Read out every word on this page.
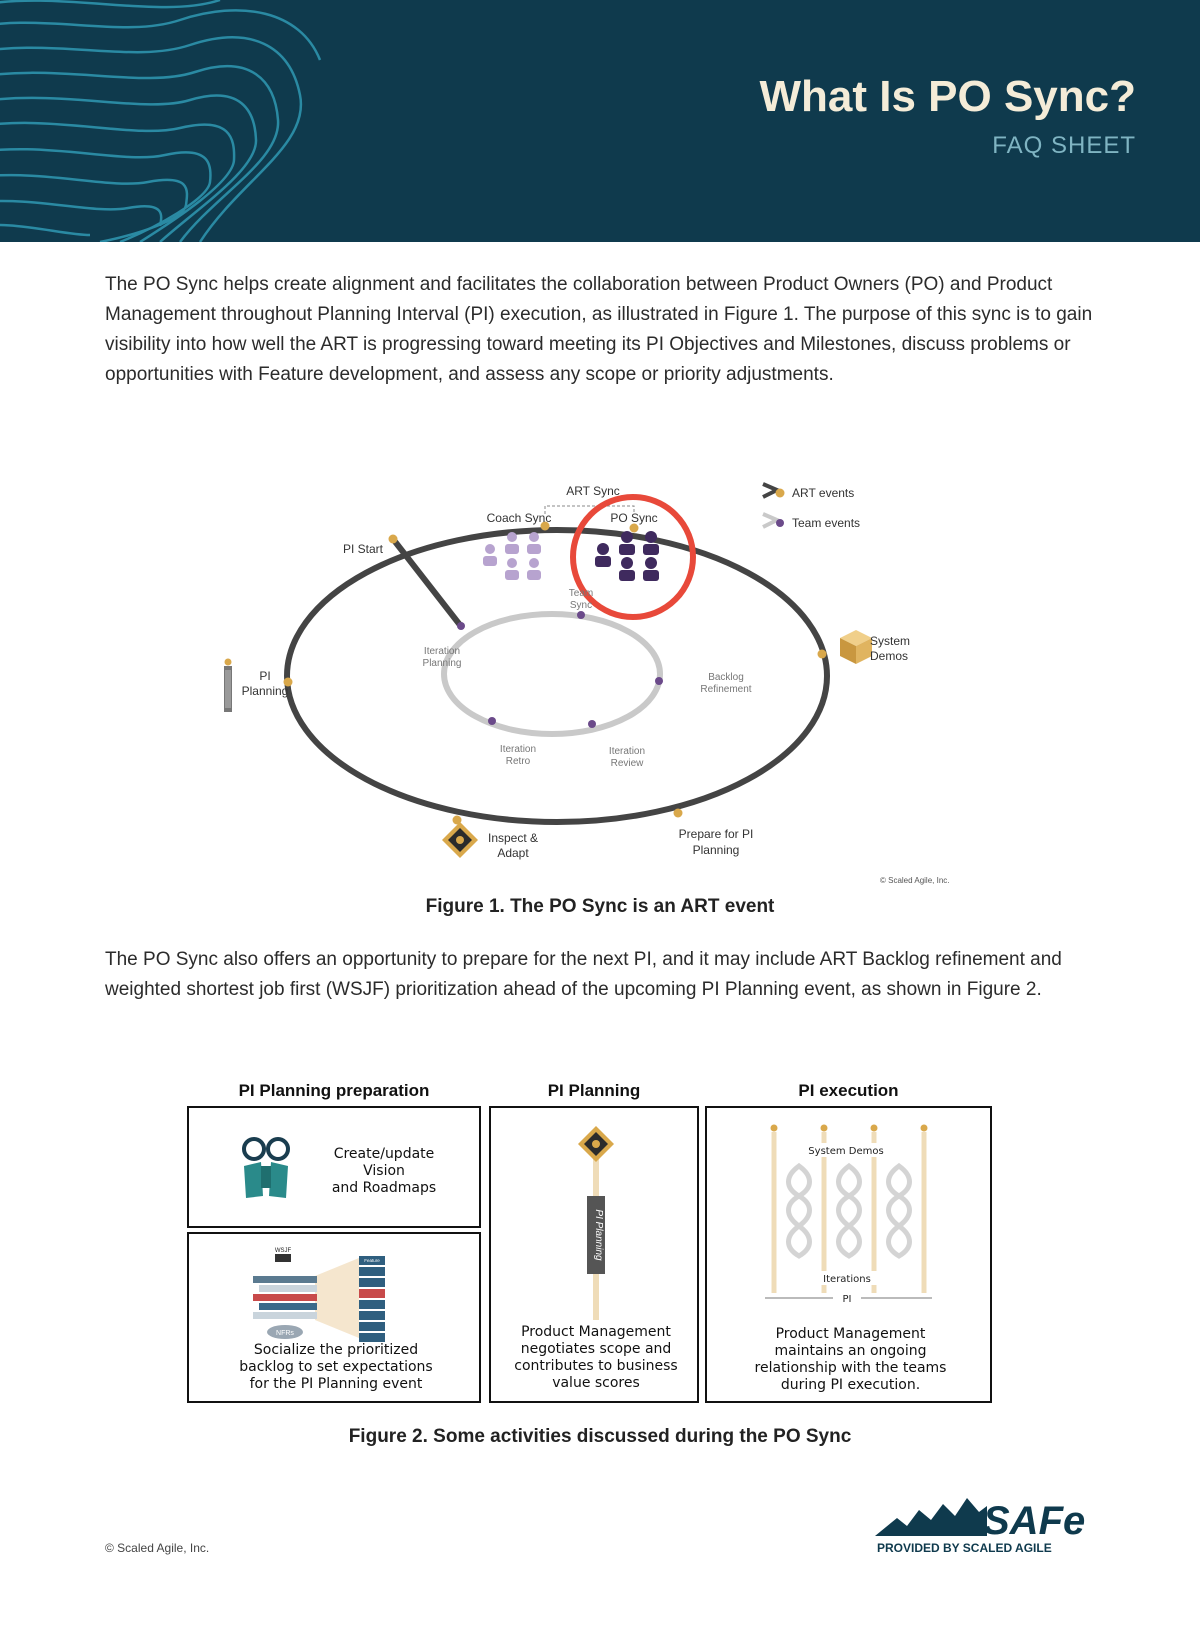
What Is PO Sync?
FAQ SHEET

The PO Sync helps create alignment and facilitates the collaboration between Product Owners (PO) and Product Management throughout Planning Interval (PI) execution, as illustrated in Figure 1. The purpose of this sync is to gain visibility into how well the ART is progressing toward meeting its PI Objectives and Milestones, discuss problems or opportunities with Feature development, and assess any scope or priority adjustments.

ART Sync
Coach Sync	PO Sync
PI Start
Team
Sync
Iteration
Planning
Backlog
Refinement
Iteration
Retro
Iteration
Review
PI
Planning
System
Demos
Inspect &
Adapt
Prepare for PI
Planning
ART events
Team events
© Scaled Agile, Inc.
Figure 1. The PO Sync is an ART event

The PO Sync also offers an opportunity to prepare for the next PI, and it may include ART Backlog refinement and weighted shortest job first (WSJF) prioritization ahead of the upcoming PI Planning event, as shown in Figure 2.

PI Planning preparation	PI Planning	PI execution
Create/update
Vision
and Roadmaps
WSJF
NFRs
Feature
Socialize the prioritized
backlog to set expectations
for the PI Planning event
PI Planning
Product Management
negotiates scope and
contributes to business
value scores
System Demos
Iterations
PI
Product Management
maintains an ongoing
relationship with the teams
during PI execution.
Figure 2. Some activities discussed during the PO Sync
© Scaled Agile, Inc.
SAFe
PROVIDED BY SCALED AGILE
